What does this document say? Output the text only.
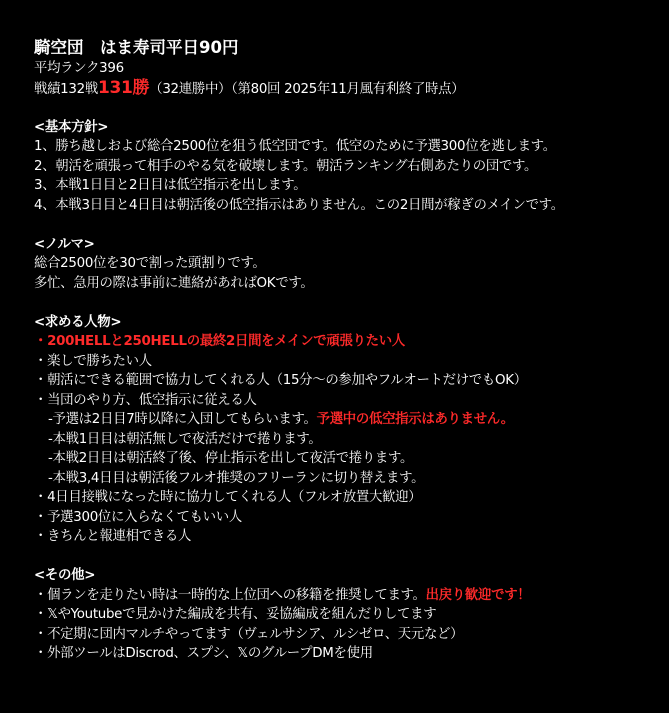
騎空団　はま寿司平日90円
平均ランク396
戦績132戦131勝（32連勝中）（第80回 2025年11月風有利終了時点）
<基本方針>
1、勝ち越しおよび総合2500位を狙う低空団です。低空のために予選300位を逃します。
2、朝活を頑張って相手のやる気を破壊します。朝活ランキング右側あたりの団です。
3、本戦1日目と2日目は低空指示を出します。
4、本戦3日目と4日目は朝活後の低空指示はありません。この2日間が稼ぎのメインです。
<ノルマ>
総合2500位を30で割った頭割りです。
多忙、急用の際は事前に連絡があればOKです。
<求める人物>
・200HELLと250HELLの最終2日間をメインで頑張りたい人
・楽しで勝ちたい人
・朝活にできる範囲で協力してくれる人（15分〜の参加やフルオートだけでもOK）
・当団のやり方、低空指示に従える人
-予選は2日目7時以降に入団してもらいます。予選中の低空指示はありません。
-本戦1日目は朝活無しで夜活だけで捲ります。
-本戦2日目は朝活終了後、停止指示を出して夜活で捲ります。
-本戦3,4日目は朝活後フルオ推奨のフリーランに切り替えます。
・4日目接戦になった時に協力してくれる人（フルオ放置大歓迎）
・予選300位に入らなくてもいい人
・きちんと報連相できる人
<その他>
・個ランを走りたい時は一時的な上位団への移籍を推奨してます。出戻り歓迎です！
・𝕏やYoutubeで見かけた編成を共有、妥協編成を組んだりしてます
・不定期に団内マルチやってます（ヴェルサシア、ルシゼロ、天元など）
・外部ツールはDiscrod、スプシ、𝕏のグループDMを使用
